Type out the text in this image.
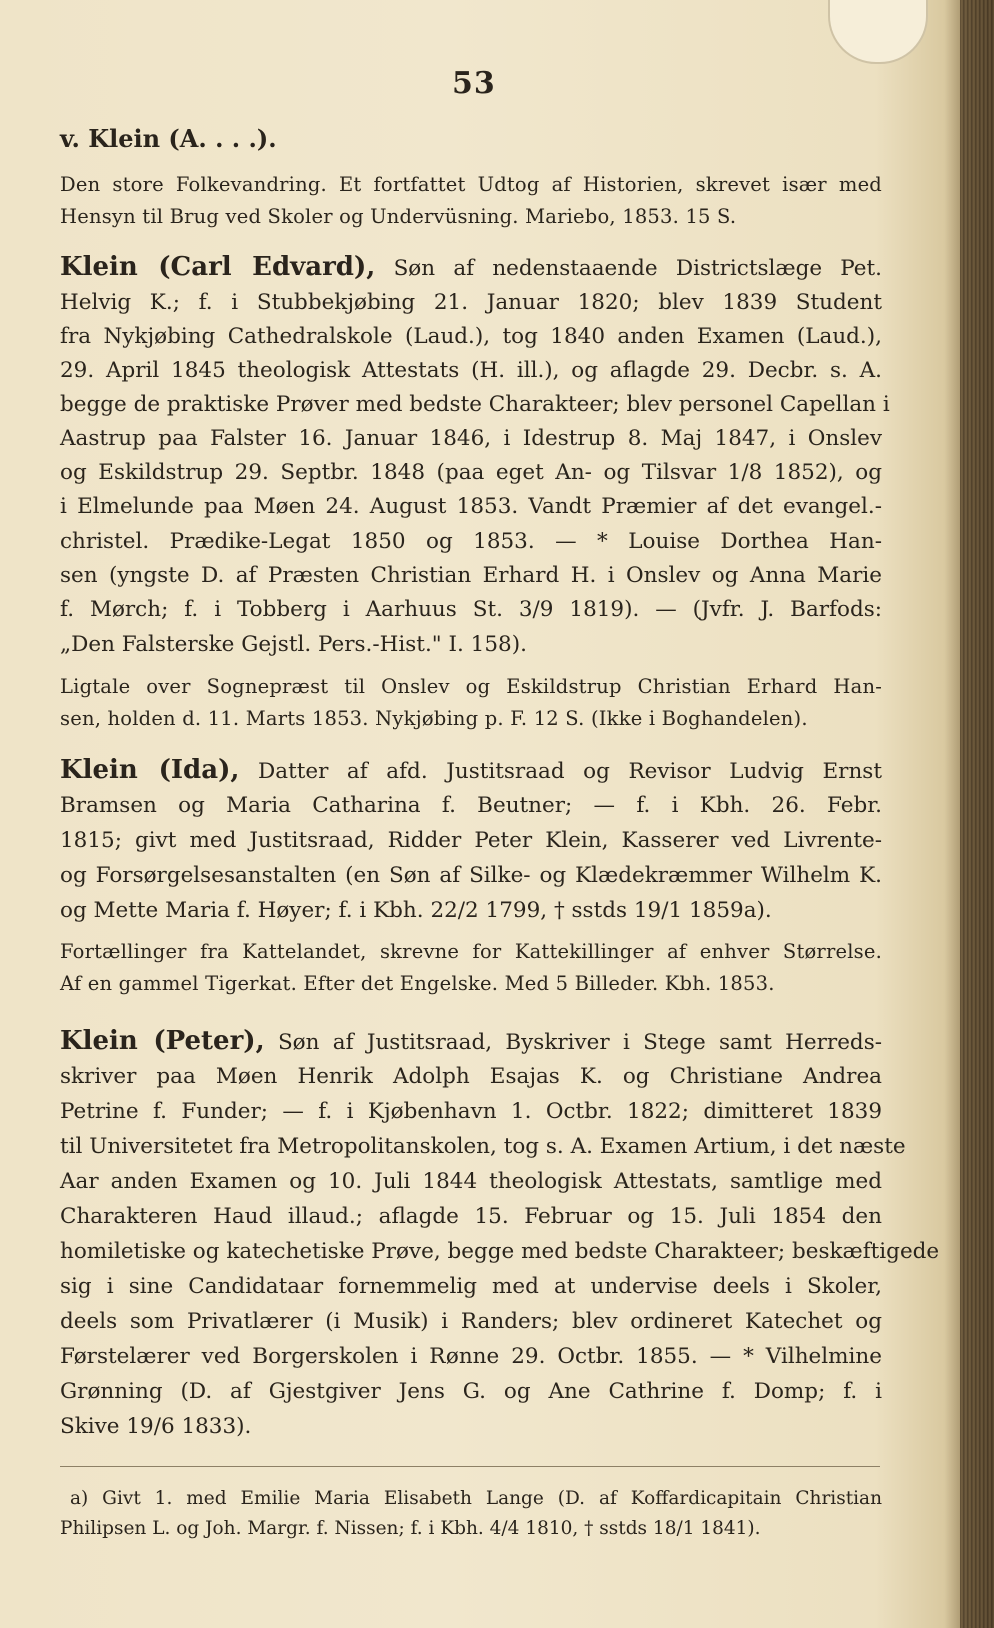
53
v. Klein (A. . . .).
Den store Folkevandring. Et fortfattet Udtog af Historien, skrevet især med
Hensyn til Brug ved Skoler og Undervüsning. Mariebo, 1853. 15 S.
Klein (Carl Edvard), Søn af nedenstaaende Districtslæge Pet.
Helvig K.; f. i Stubbekjøbing 21. Januar 1820; blev 1839 Student
fra Nykjøbing Cathedralskole (Laud.), tog 1840 anden Examen (Laud.),
29. April 1845 theologisk Attestats (H. ill.), og aflagde 29. Decbr. s. A.
begge de praktiske Prøver med bedste Charakteer; blev personel Capellan i
Aastrup paa Falster 16. Januar 1846, i Idestrup 8. Maj 1847, i Onslev
og Eskildstrup 29. Septbr. 1848 (paa eget An- og Tilsvar 1/8 1852), og
i Elmelunde paa Møen 24. August 1853. Vandt Præmier af det evangel.-
christel. Prædike-Legat 1850 og 1853. — * Louise Dorthea Han-
sen (yngste D. af Præsten Christian Erhard H. i Onslev og Anna Marie
f. Mørch; f. i Tobberg i Aarhuus St. 3/9 1819). — (Jvfr. J. Barfods:
„Den Falsterske Gejstl. Pers.-Hist." I. 158).
Ligtale over Sognepræst til Onslev og Eskildstrup Christian Erhard Han-
sen, holden d. 11. Marts 1853. Nykjøbing p. F. 12 S. (Ikke i Boghandelen).
Klein (Ida), Datter af afd. Justitsraad og Revisor Ludvig Ernst
Bramsen og Maria Catharina f. Beutner; — f. i Kbh. 26. Febr.
1815; givt med Justitsraad, Ridder Peter Klein, Kasserer ved Livrente-
og Forsørgelsesanstalten (en Søn af Silke- og Klædekræmmer Wilhelm K.
og Mette Maria f. Høyer; f. i Kbh. 22/2 1799, † sstds 19/1 1859a).
Fortællinger fra Kattelandet, skrevne for Kattekillinger af enhver Størrelse.
Af en gammel Tigerkat. Efter det Engelske. Med 5 Billeder. Kbh. 1853.
Klein (Peter), Søn af Justitsraad, Byskriver i Stege samt Herreds-
skriver paa Møen Henrik Adolph Esajas K. og Christiane Andrea
Petrine f. Funder; — f. i Kjøbenhavn 1. Octbr. 1822; dimitteret 1839
til Universitetet fra Metropolitanskolen, tog s. A. Examen Artium, i det næste
Aar anden Examen og 10. Juli 1844 theologisk Attestats, samtlige med
Charakteren Haud illaud.; aflagde 15. Februar og 15. Juli 1854 den
homiletiske og katechetiske Prøve, begge med bedste Charakteer; beskæftigede
sig i sine Candidataar fornemmelig med at undervise deels i Skoler,
deels som Privatlærer (i Musik) i Randers; blev ordineret Katechet og
Førstelærer ved Borgerskolen i Rønne 29. Octbr. 1855. — * Vilhelmine
Grønning (D. af Gjestgiver Jens G. og Ane Cathrine f. Domp; f. i
Skive 19/6 1833).
a) Givt 1. med Emilie Maria Elisabeth Lange (D. af Koffardicapitain Christian
Philipsen L. og Joh. Margr. f. Nissen; f. i Kbh. 4/4 1810, † sstds 18/1 1841).
